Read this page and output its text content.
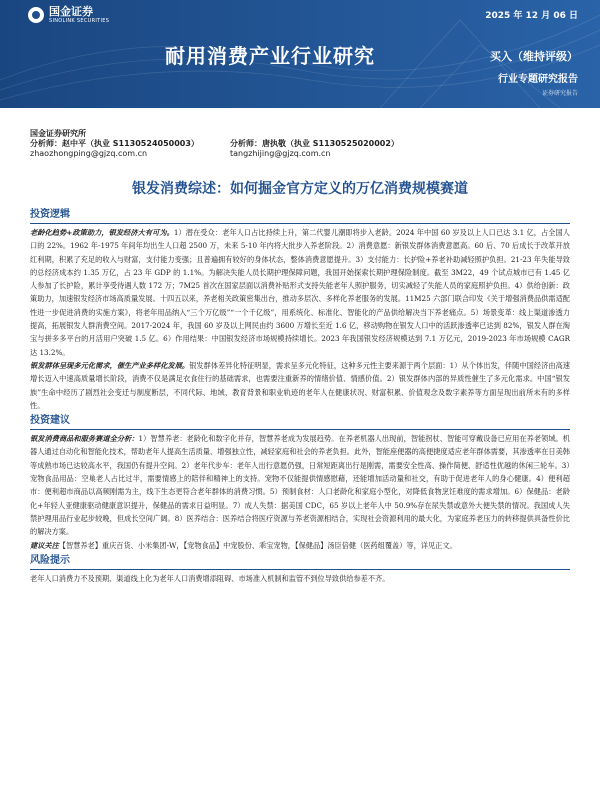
国金证券
SINOLINK SECURITIES	2025 年 12 月 06 日
耐用消费产业行业研究	买入（维持评级）
行业专题研究报告
证券研究报告
国金证券研究所
分析师：赵中平（执业 S1130524050003）	分析师：唐执敬（执业 S1130525020002）
zhaozhongping@gjzq.com.cn	tangzhijing@gjzq.com.cn
银发消费综述：如何掘金官方定义的万亿消费规模赛道
投资逻辑

老龄化趋势+政策助力，银发经济大有可为。1）潜在受众：老年人口占比持续上升，第二代婴儿潮即将步入老龄。2024 年中国 60 岁及以上人口已达 3.1 亿，占全国人口的 22%。1962 年-1975 年间年均出生人口超 2500 万，未来 5-10 年内将大批步入养老阶段。2）消费意愿：新银发群体消费意愿高。60 后、70 后成长于改革开放红利期，积累了充足的收入与财富，支付能力变强；且普遍拥有较好的身体状态，整体消费意愿提升。3）支付能力：长护险+养老补助减轻照护负担。21-23 年失能导致的总经济成本约 1.35 万亿，占 23 年 GDP 的 1.1%。为解决失能人员长期护理保障问题，我国开始探索长期护理保险制度。截至 3M22，49 个试点城市已有 1.45 亿人参加了长护险，累计享受待遇人数 172 万；7M25 首次在国家层面以消费补贴形式支持失能老年人照护服务，切实减轻了失能人员的家庭照护负担。4）供给创新：政策助力，加速银发经济市场高质量发展。十四五以来，养老相关政策密集出台，推动多层次、多样化养老服务的发展。11M25 六部门联合印发《关于增强消费品供需适配性进一步促进消费的实施方案》，将老年用品纳入“三个万亿级”“一个千亿级”，用系统化、标准化、智能化的产品供给解决当下养老痛点。5）场景变革：线上渠道渗透力提高，拓展银发人群消费空间。2017-2024 年，我国 60 岁及以上网民由约 3600 万增长至近 1.6 亿，移动购物在银发人口中的活跃渗透率已达到 82%，银发人群在淘宝与拼多多平台的月活用户突破 1.5 亿。6）作用结果：中国银发经济市场规模持续增长。2023 年我国银发经济规模达到 7.1 万亿元，2019-2023 年市场规模 CAGR 达 13.2%。

银发群体呈现多元化需求，催生产业多样化发展。银发群体差异化特征明显，需求呈多元化特征，这种多元性主要来源于两个层面：1）从个体出发，伴随中国经济由高速增长迈入中速高质量增长阶段，消费不仅是满足衣食住行的基础需求，也需要注重新养的情绪价值、情感价值。2）银发群体内部的异质性催生了多元化需求。中国“银发族”生命中经历了剧烈社会变迁与制度断层，不同代际、地域、教育背景和职业轨迹的老年人在健康状况、财富积累、价值观念及数字素养等方面呈现出前所未有的多样性。

投资建议

银发消费商品和服务赛道全分析：1）智慧养老：老龄化和数字化并存，智慧养老成为发展趋势。在养老机器人出现前，智能拐杖、智能可穿戴设备已应用在养老领域。机器人通过自动化和智能化技术，帮助老年人提高生活质量、增强独立性，减轻家庭和社会的养老负担。此外，智能座便器的高便捷度适应老年群体需要，其渗透率在日美韩等成熟市场已达较高水平，我国仍有提升空间。2）老年代步车：老年人出行意愿仍强，日常短距离出行是刚需，需要安全性高、操作简便、舒适性优越的休闲三轮车。3）宠物食品用品：空巢老人占比过半，需要情感上的陪伴和精神上的支持。宠物不仅能提供情感慰藉，还能增加活动量和社交，有助于促进老年人的身心健康。4）便利超市：便利超市商品以高频刚需为主，线下生态更符合老年群体的消费习惯。5）预制食材：人口老龄化和家庭小型化，对降低食物烹饪难度的需求增加。6）保健品：老龄化+年轻人亚健康驱动健康意识提升，保健品的需求日益明显。7）成人失禁：据美国 CDC，65 岁以上老年人中 50.9%存在尿失禁或意外大便失禁的情况。我国成人失禁护理用品行业起步较晚，但成长空间广阔。8）医养结合：医养结合将医疗资源与养老资源相结合，实现社会资源利用的最大化，为家庭养老压力的转移提供具备性价比的解决方案。

建议关注【智慧养老】重庆百货、小米集团-W，【宠物食品】中宠股份、乖宝宠物，【保健品】汤臣倍健（医药组覆盖）等，详见正文。

风险提示

老年人口消费力不及预期、渠道线上化为老年人口消费增添阻碍、市场准入机制和监管不到位导致供给参差不齐。
